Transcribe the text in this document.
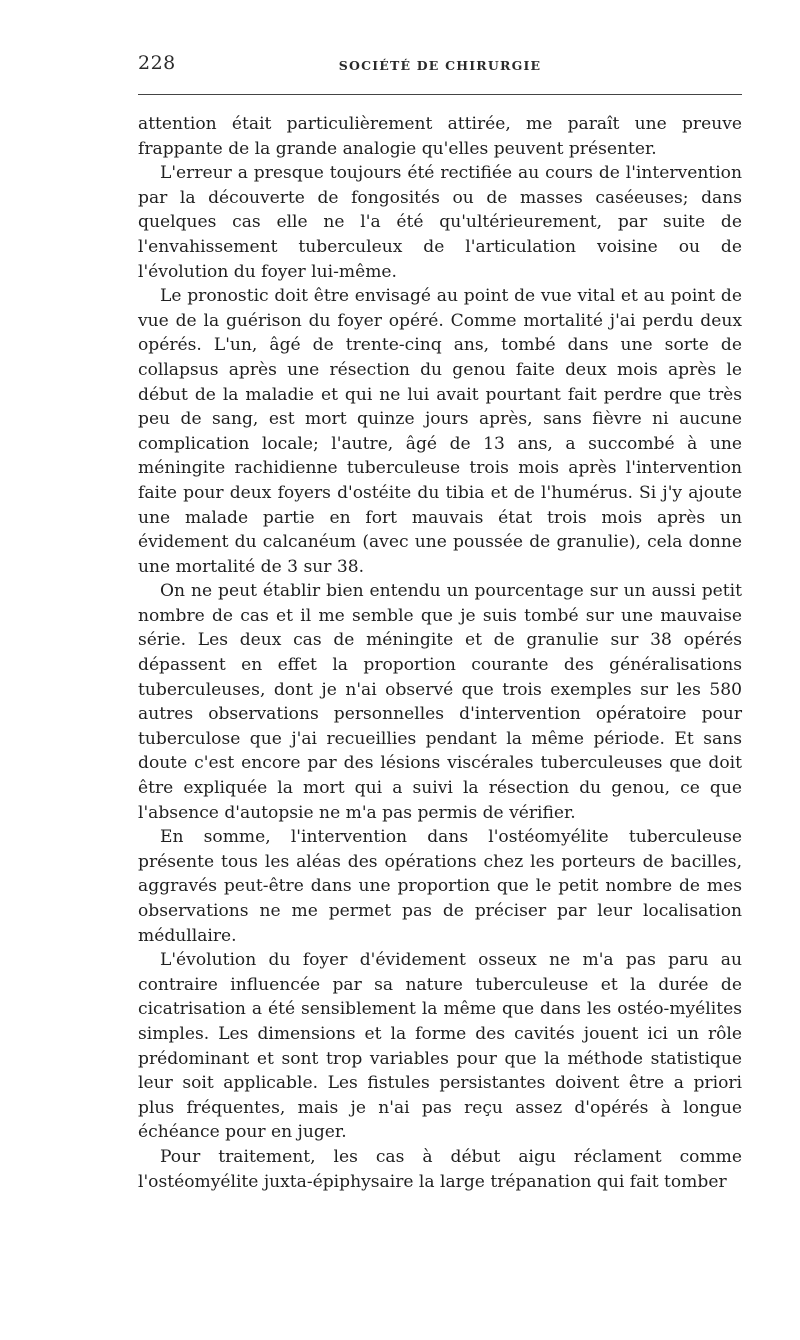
228	SOCIÉTÉ DE CHIRURGIE

attention était particulièrement attirée, me paraît une preuve frappante de la grande analogie qu'elles peuvent présenter.

L'erreur a presque toujours été rectifiée au cours de l'intervention par la découverte de fongosités ou de masses caséeuses; dans quelques cas elle ne l'a été qu'ultérieurement, par suite de l'envahissement tuberculeux de l'articulation voisine ou de l'évolution du foyer lui-même.

Le pronostic doit être envisagé au point de vue vital et au point de vue de la guérison du foyer opéré. Comme mortalité j'ai perdu deux opérés. L'un, âgé de trente-cinq ans, tombé dans une sorte de collapsus après une résection du genou faite deux mois après le début de la maladie et qui ne lui avait pourtant fait perdre que très peu de sang, est mort quinze jours après, sans fièvre ni aucune complication locale; l'autre, âgé de 13 ans, a succombé à une méningite rachidienne tuberculeuse trois mois après l'intervention faite pour deux foyers d'ostéite du tibia et de l'humérus. Si j'y ajoute une malade partie en fort mauvais état trois mois après un évidement du calcanéum (avec une poussée de granulie), cela donne une mortalité de 3 sur 38.

On ne peut établir bien entendu un pourcentage sur un aussi petit nombre de cas et il me semble que je suis tombé sur une mauvaise série. Les deux cas de méningite et de granulie sur 38 opérés dépassent en effet la proportion courante des généralisations tuberculeuses, dont je n'ai observé que trois exemples sur les 580 autres observations personnelles d'intervention opératoire pour tuberculose que j'ai recueillies pendant la même période. Et sans doute c'est encore par des lésions viscérales tuberculeuses que doit être expliquée la mort qui a suivi la résection du genou, ce que l'absence d'autopsie ne m'a pas permis de vérifier.

En somme, l'intervention dans l'ostéomyélite tuberculeuse présente tous les aléas des opérations chez les porteurs de bacilles, aggravés peut-être dans une proportion que le petit nombre de mes observations ne me permet pas de préciser par leur localisation médullaire.

L'évolution du foyer d'évidement osseux ne m'a pas paru au contraire influencée par sa nature tuberculeuse et la durée de cicatrisation a été sensiblement la même que dans les ostéo-myélites simples. Les dimensions et la forme des cavités jouent ici un rôle prédominant et sont trop variables pour que la méthode statistique leur soit applicable. Les fistules persistantes doivent être a priori plus fréquentes, mais je n'ai pas reçu assez d'opérés à longue échéance pour en juger.

Pour traitement, les cas à début aigu réclament comme l'ostéomyélite juxta-épiphysaire la large trépanation qui fait tomber
